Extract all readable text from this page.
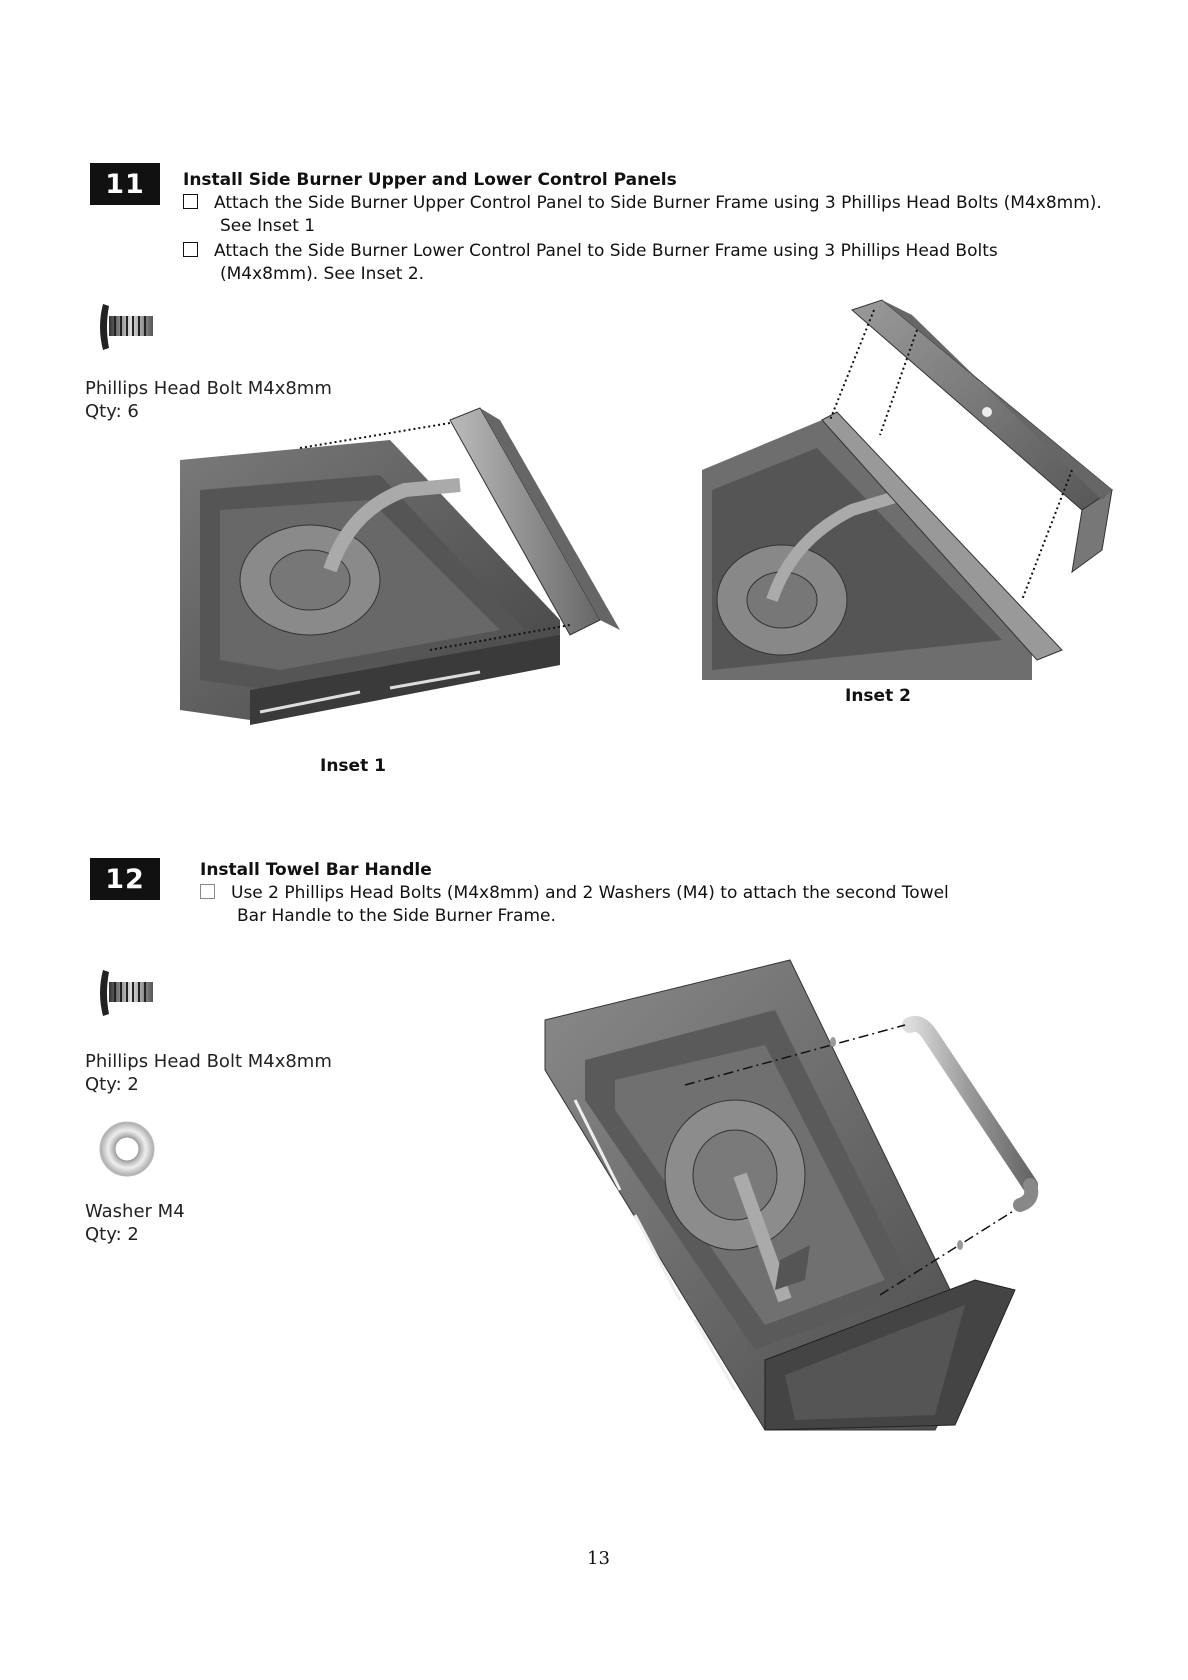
11 Install Side Burner Upper and Lower Control Panels
Attach the Side Burner Upper Control Panel to Side Burner Frame using 3 Phillips Head Bolts (M4x8mm).
See Inset 1
Attach the Side Burner Lower Control Panel to Side Burner Frame using 3 Phillips Head Bolts
(M4x8mm). See Inset 2.
Phillips Head Bolt M4x8mm
Qty: 6
Inset 1
Inset 2
12	Install Towel Bar Handle
Use 2 Phillips Head Bolts (M4x8mm) and 2 Washers (M4) to attach the second Towel
Bar Handle to the Side Burner Frame.
Phillips Head Bolt M4x8mm
Qty: 2
Washer M4
Qty: 2
13
